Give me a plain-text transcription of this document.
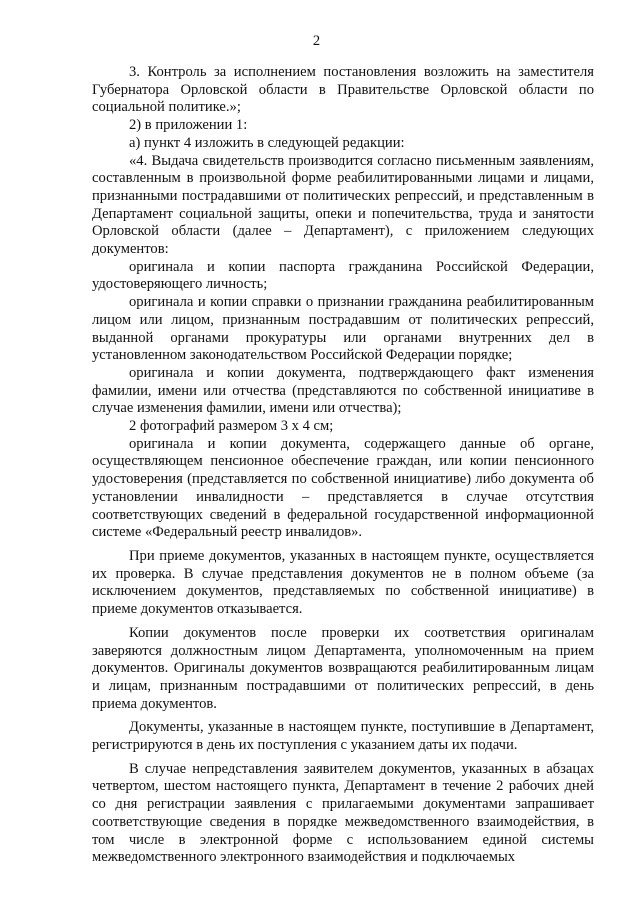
2

3. Контроль за исполнением постановления возложить на заместителя Губернатора Орловской области в Правительстве Орловской области по социальной политике.»;

2) в приложении 1:

а) пункт 4 изложить в следующей редакции:

«4. Выдача свидетельств производится согласно письменным заявлениям, составленным в произвольной форме реабилитированными лицами и лицами, признанными пострадавшими от политических репрессий, и представленным в Департамент социальной защиты, опеки и попечительства, труда и занятости Орловской области (далее – Департамент), с приложением следующих документов:

оригинала и копии паспорта гражданина Российской Федерации, удостоверяющего личность;

оригинала и копии справки о признании гражданина реабилитированным лицом или лицом, признанным пострадавшим от политических репрессий, выданной органами прокуратуры или органами внутренних дел в установленном законодательством Российской Федерации порядке;

оригинала и копии документа, подтверждающего факт изменения фамилии, имени или отчества (представляются по собственной инициативе в случае изменения фамилии, имени или отчества);

2 фотографий размером 3 х 4 см;

оригинала и копии документа, содержащего данные об органе, осуществляющем пенсионное обеспечение граждан, или копии пенсионного удостоверения (представляется по собственной инициативе) либо документа об установлении инвалидности – представляется в случае отсутствия соответствующих сведений в федеральной государственной информационной системе «Федеральный реестр инвалидов».

При приеме документов, указанных в настоящем пункте, осуществляется их проверка. В случае представления документов не в полном объеме (за исключением документов, представляемых по собственной инициативе) в приеме документов отказывается.

Копии документов после проверки их соответствия оригиналам заверяются должностным лицом Департамента, уполномоченным на прием документов. Оригиналы документов возвращаются реабилитированным лицам и лицам, признанным пострадавшими от политических репрессий, в день приема документов.

Документы, указанные в настоящем пункте, поступившие в Департамент, регистрируются в день их поступления с указанием даты их подачи.

В случае непредставления заявителем документов, указанных в абзацах четвертом, шестом настоящего пункта, Департамент в течение 2 рабочих дней со дня регистрации заявления с прилагаемыми документами запрашивает соответствующие сведения в порядке межведомственного взаимодействия, в том числе в электронной форме с использованием единой системы межведомственного электронного взаимодействия и подключаемых
